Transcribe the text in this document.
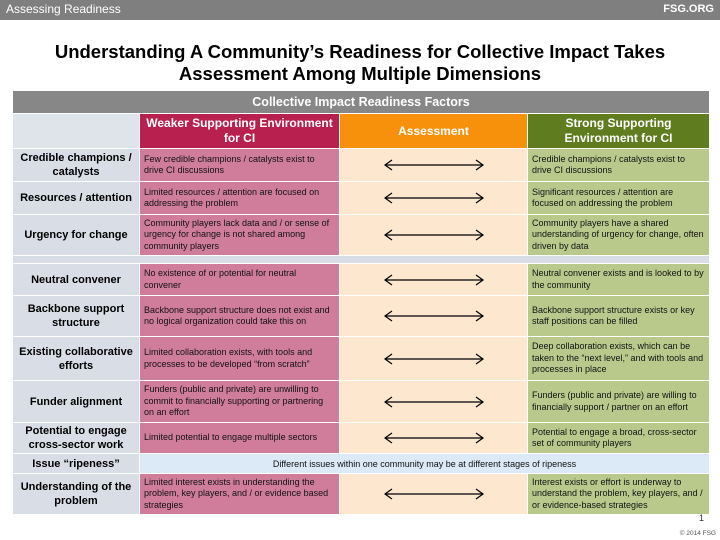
Assessing Readiness	FSG.ORG
Understanding A Community’s Readiness for Collective Impact Takes
Assessment Among Multiple Dimensions
Collective Impact Readiness Factors			
	Weaker Supporting Environment for CI	Assessment	Strong Supporting Environment for CI
Credible champions / catalysts	Few credible champions / catalysts exist to drive CI discussions		Credible champions / catalysts exist to drive CI discussions
Resources / attention	Limited resources / attention are focused on addressing the problem		Significant resources / attention are focused on addressing the problem
Urgency for change	Community players lack data and / or sense of urgency for change is not shared among community players		Community players have a shared understanding of urgency for change, often driven by data

Neutral convener	No existence of or potential for neutral convener		Neutral convener exists and is looked to by the community
Backbone support structure	Backbone support structure does not exist and no logical organization could take this on		Backbone support structure exists or key staff positions can be filled
Existing collaborative efforts	Limited collaboration exists, with tools and processes to be developed “from scratch”		Deep collaboration exists, which can be taken to the “next level,” and with tools and processes in place
Funder alignment	Funders (public and private) are unwilling to commit to financially supporting or partnering on an effort		Funders (public and private) are willing to financially support / partner on an effort
Potential to engage cross-sector work	Limited potential to engage multiple sectors		Potential to engage a broad, cross-sector set of community players
Issue “ripeness”	Different issues within one community may be at different stages of ripeness		
Understanding of the problem	Limited interest exists in understanding the problem, key players, and / or evidence based strategies		Interest exists or effort is underway to understand the problem, key players, and / or evidence-based strategies
1
© 2014 FSG
